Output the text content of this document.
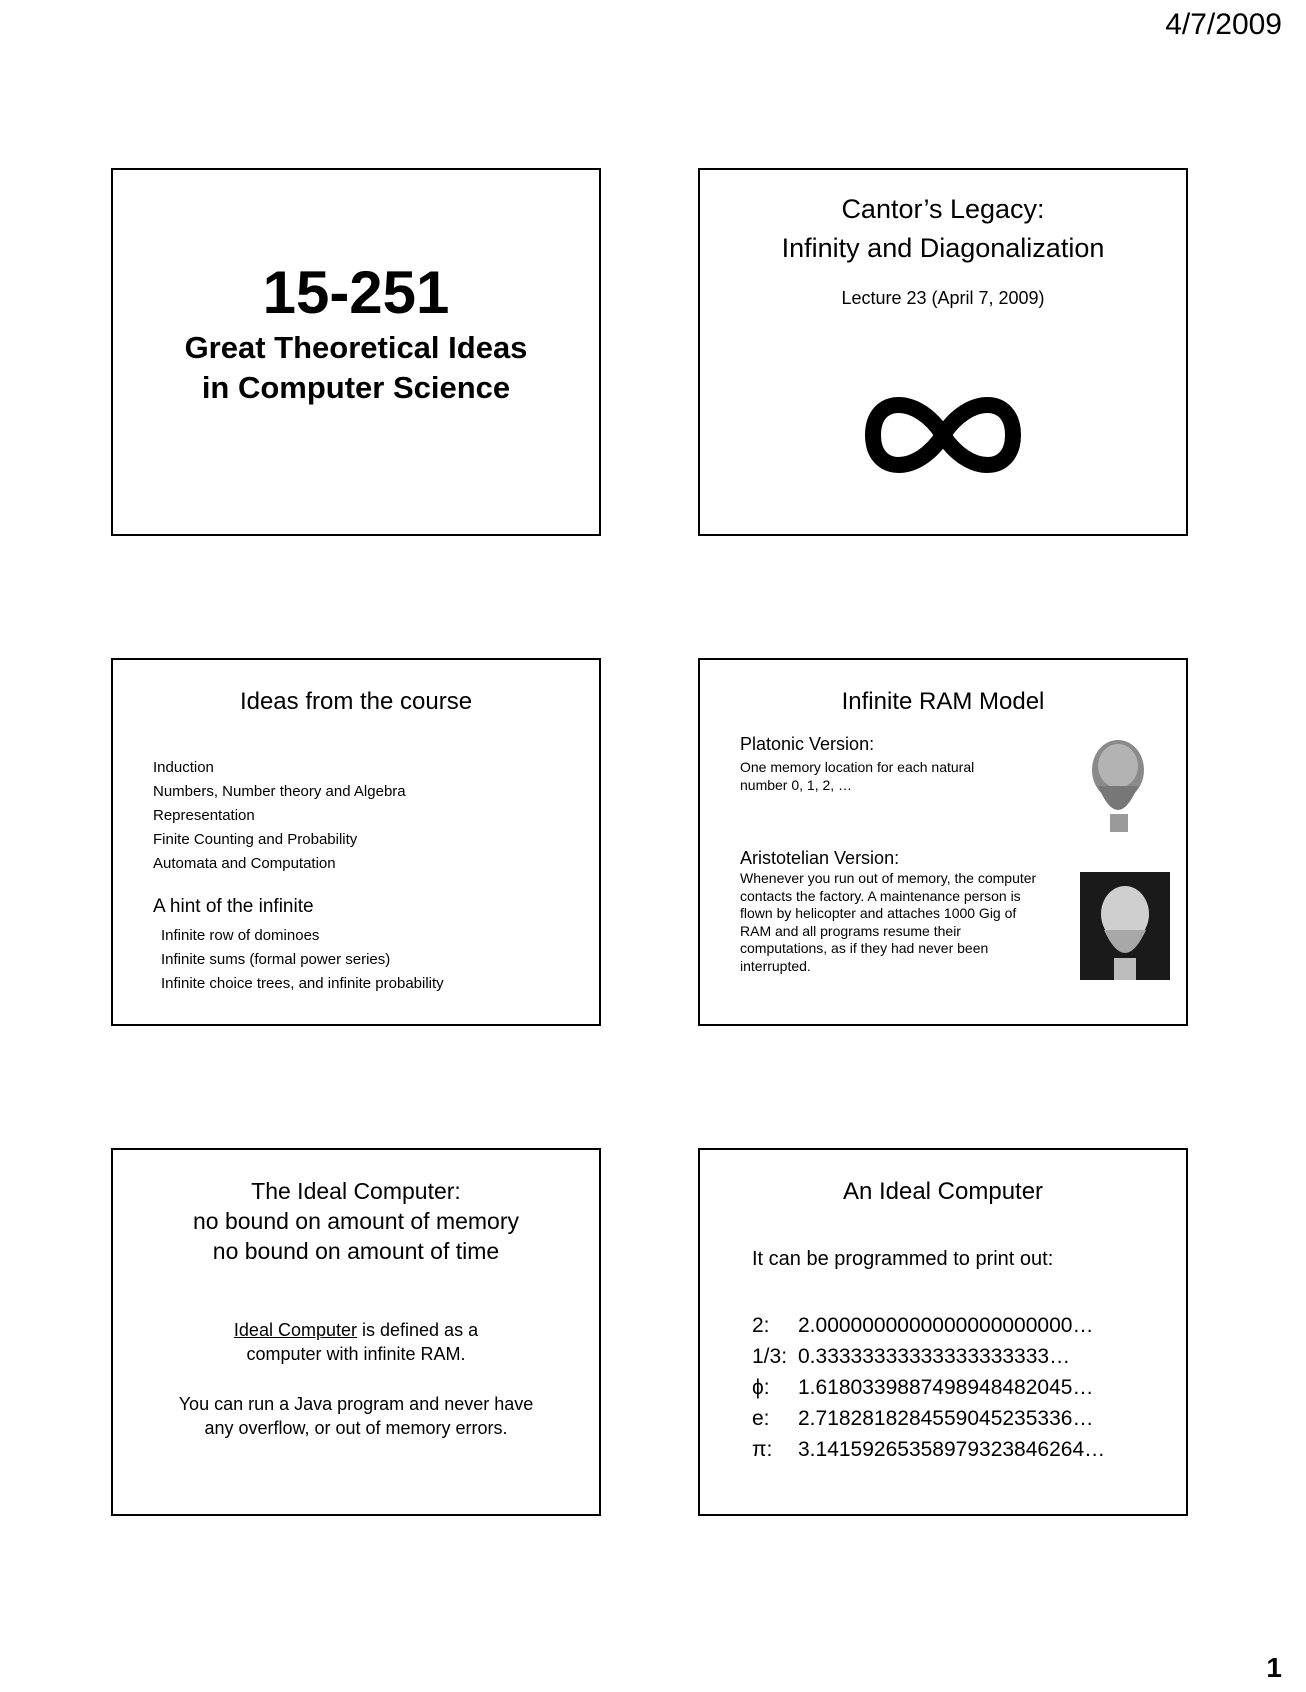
4/7/2009
15-251
Great Theoretical Ideas
in Computer Science
Cantor’s Legacy:
Infinity and Diagonalization
Lecture 23 (April 7, 2009)
Ideas from the course
Induction
Numbers, Number theory and Algebra
Representation
Finite Counting and Probability
Automata and Computation
A hint of the infinite
Infinite row of dominoes
Infinite sums (formal power series)
Infinite choice trees, and infinite probability
Infinite RAM Model
Platonic Version:
One memory location for each natural number 0, 1, 2, …
Aristotelian Version:
Whenever you run out of memory, the computer contacts the factory. A maintenance person is flown by helicopter and attaches 1000 Gig of RAM and all programs resume their computations, as if they had never been interrupted.
The Ideal Computer:
no bound on amount of memory
no bound on amount of time
Ideal Computer is defined as a
computer with infinite RAM.
You can run a Java program and never have
any overflow, or out of memory errors.
An Ideal Computer
It can be programmed to print out:
2: 2.0000000000000000000000…
1/3: 0.33333333333333333333…
ϕ: 1.6180339887498948482045…
e: 2.7182818284559045235336…
π: 3.14159265358979323846264…
1
